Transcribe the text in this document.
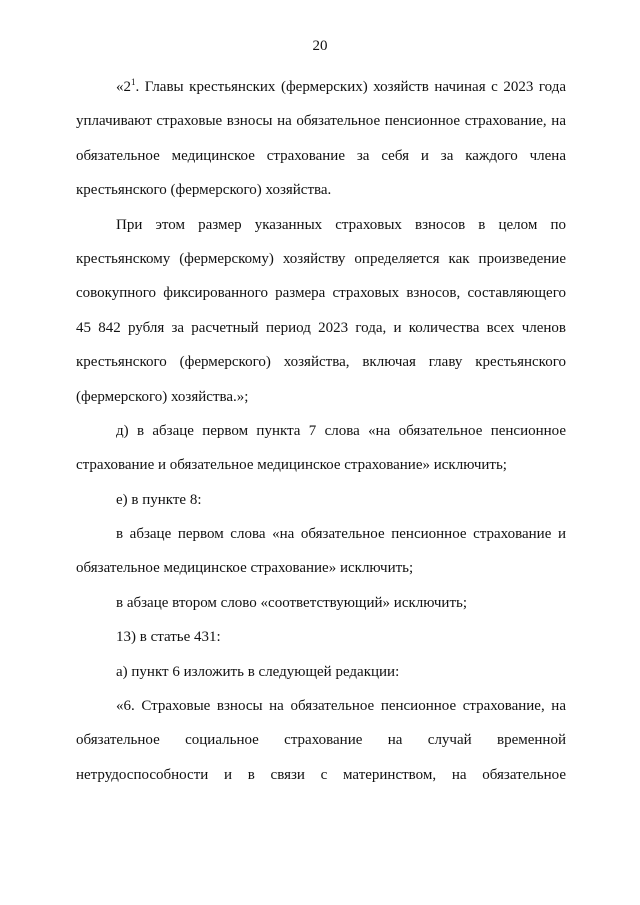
20
«$2^1$. Главы крестьянских (фермерских) хозяйств начиная с 2023 года
уплачивают страховые взносы на обязательное пенсионное страхование, на
обязательное медицинское страхование за себя и за каждого члена
крестьянского (фермерского) хозяйства.
При этом размер указанных страховых взносов в целом по
крестьянскому (фермерскому) хозяйству определяется как произведение
совокупного фиксированного размера страховых взносов, составляющего
45 842 рубля за расчетный период 2023 года, и количества всех членов
крестьянского (фермерского) хозяйства, включая главу крестьянского
(фермерского) хозяйства.»;
д) в абзаце первом пункта 7 слова «на обязательное пенсионное
страхование и обязательное медицинское страхование» исключить;
е) в пункте 8:
в абзаце первом слова «на обязательное пенсионное страхование и
обязательное медицинское страхование» исключить;
в абзаце втором слово «соответствующий» исключить;
13) в статье 431:
а) пункт 6 изложить в следующей редакции:
«6. Страховые взносы на обязательное пенсионное страхование, на
обязательное социальное страхование на случай временной
нетрудоспособности и в связи с материнством, на обязательное
